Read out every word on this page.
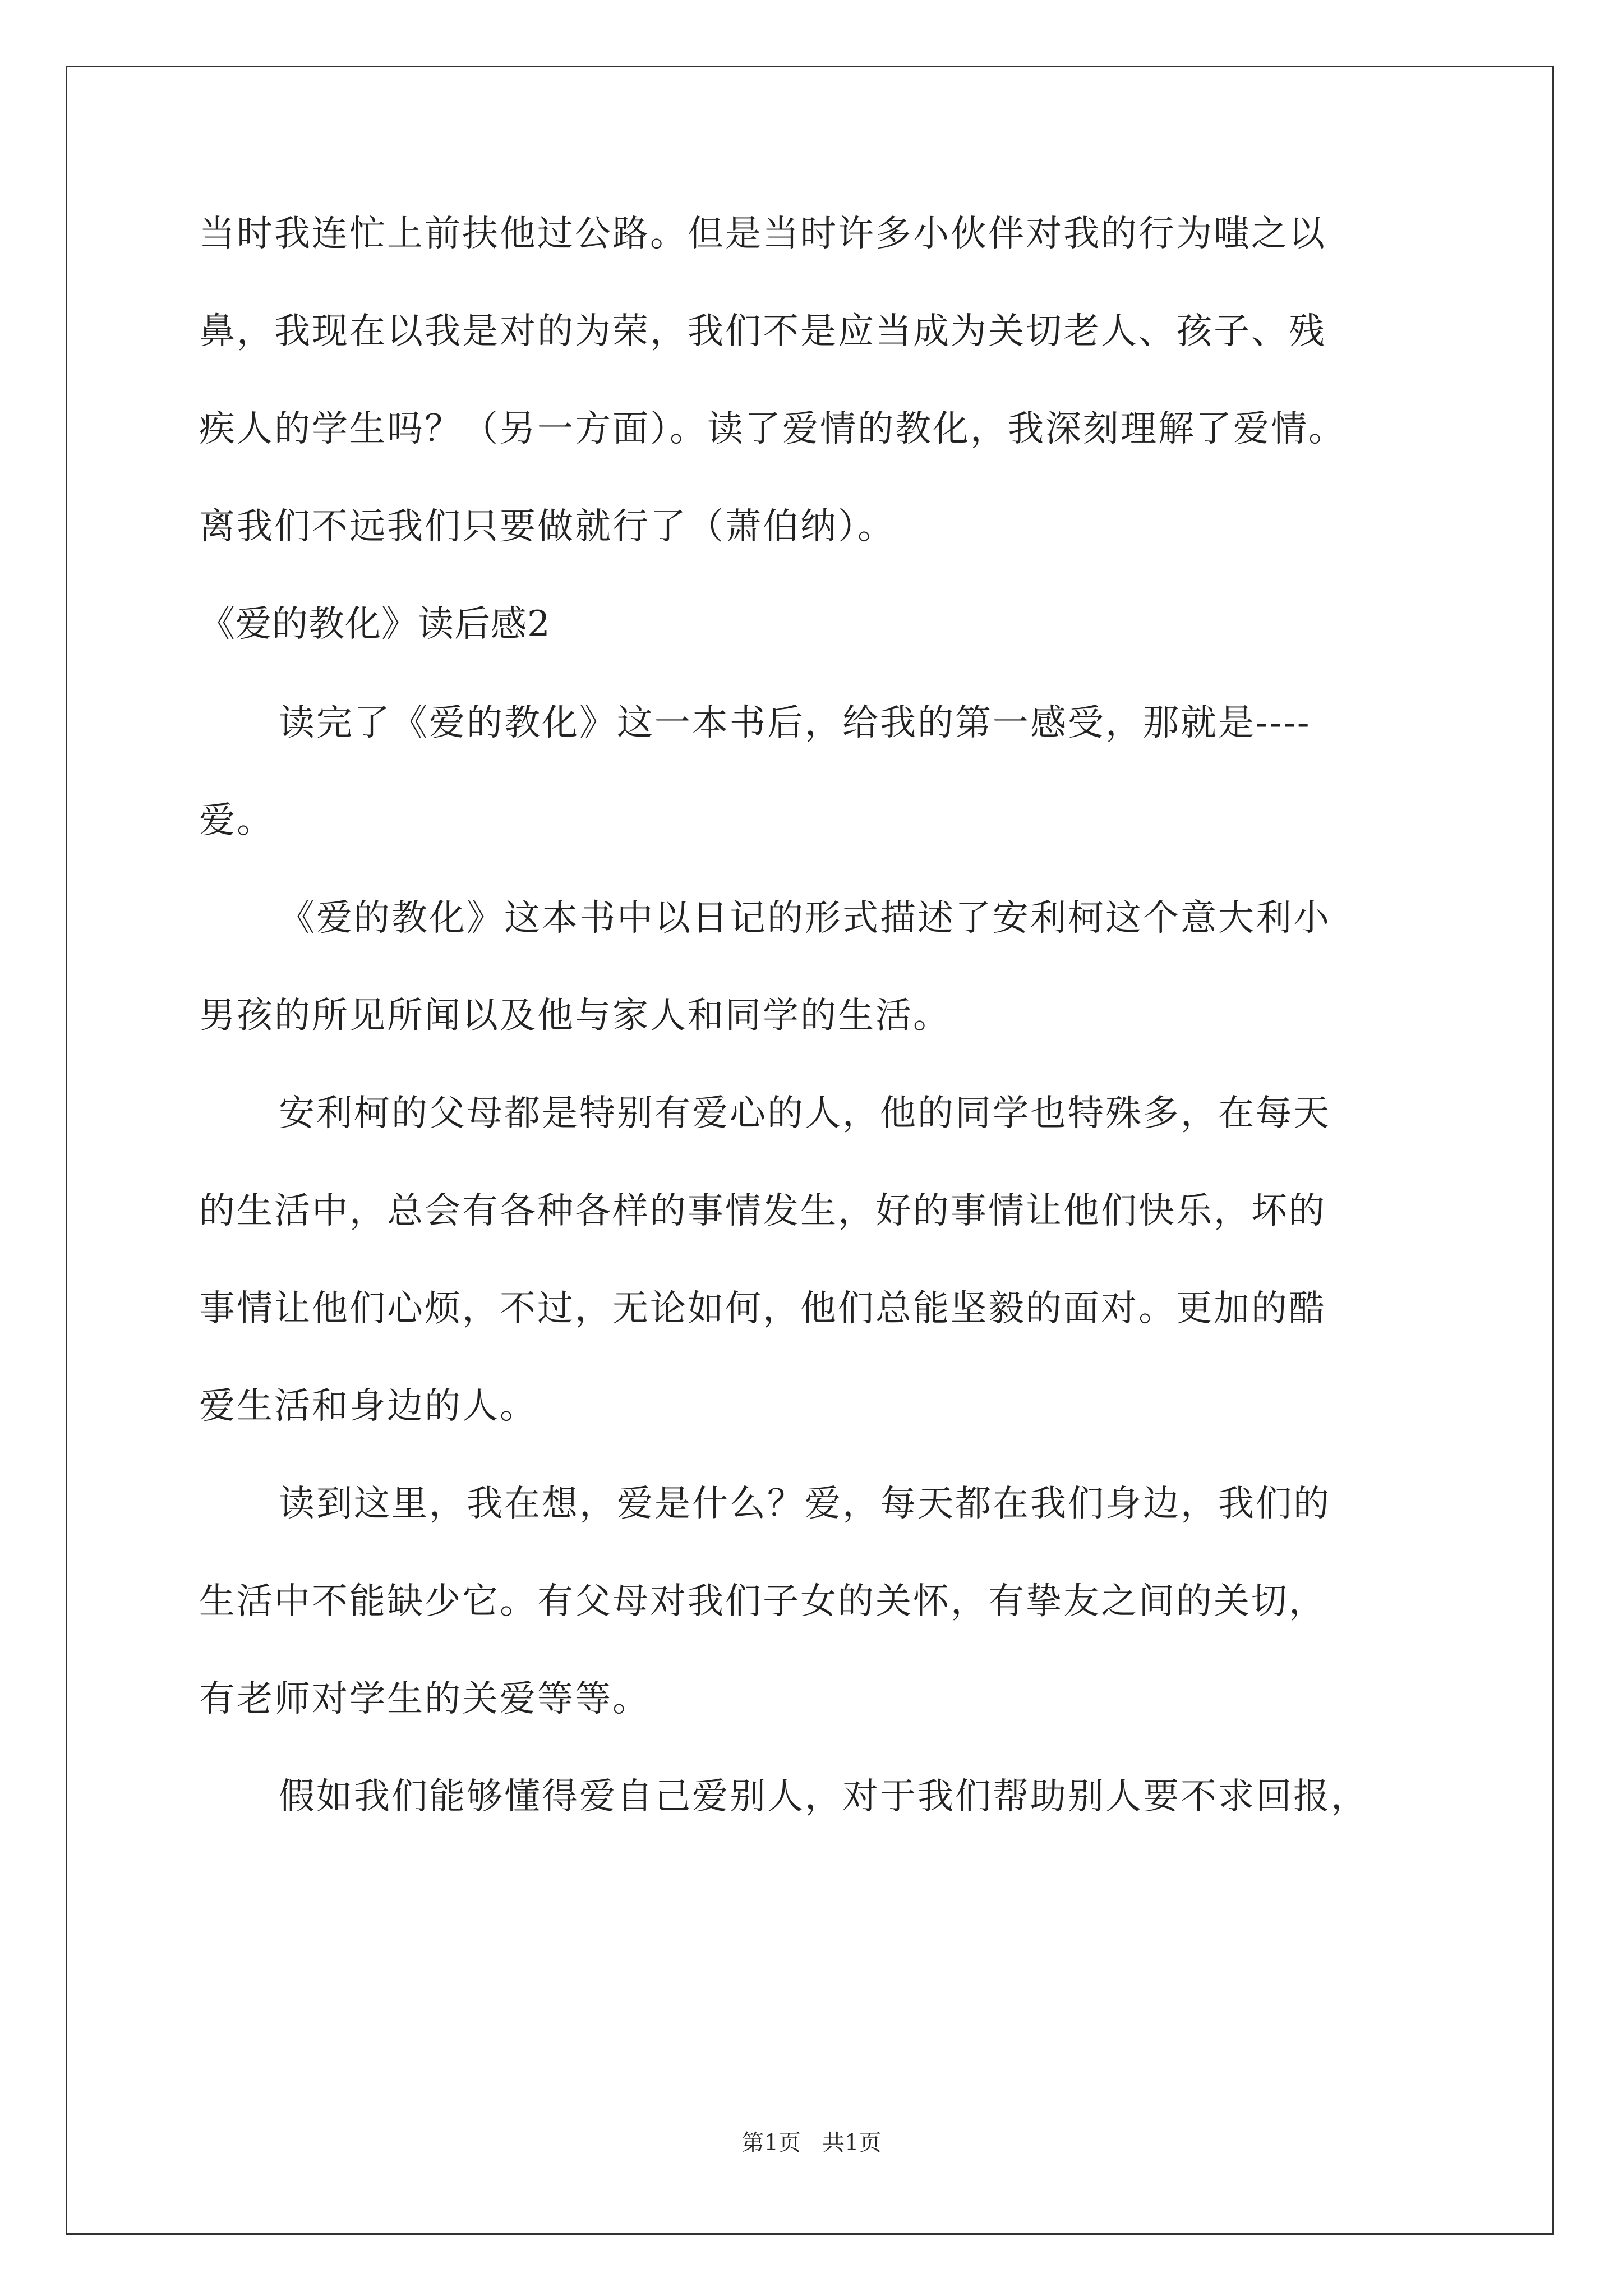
当时我连忙上前扶他过公路。但是当时许多小伙伴对我的行为嗤之以
鼻，我现在以我是对的为荣，我们不是应当成为关切老人、孩子、残
疾人的学生吗？（另一方面）。读了爱情的教化，我深刻理解了爱情。
离我们不远我们只要做就行了（萧伯纳）。
《爱的教化》读后感2
读完了《爱的教化》这一本书后，给我的第一感受，那就是----
爱。
《爱的教化》这本书中以日记的形式描述了安利柯这个意大利小
男孩的所见所闻以及他与家人和同学的生活。
安利柯的父母都是特别有爱心的人，他的同学也特殊多，在每天
的生活中，总会有各种各样的事情发生，好的事情让他们快乐，坏的
事情让他们心烦，不过，无论如何，他们总能坚毅的面对。更加的酷
爱生活和身边的人。
读到这里，我在想，爱是什么？爱，每天都在我们身边，我们的
生活中不能缺少它。有父母对我们子女的关怀，有挚友之间的关切，
有老师对学生的关爱等等。
假如我们能够懂得爱自己爱别人，对于我们帮助别人要不求回报，
第1页   共1页
